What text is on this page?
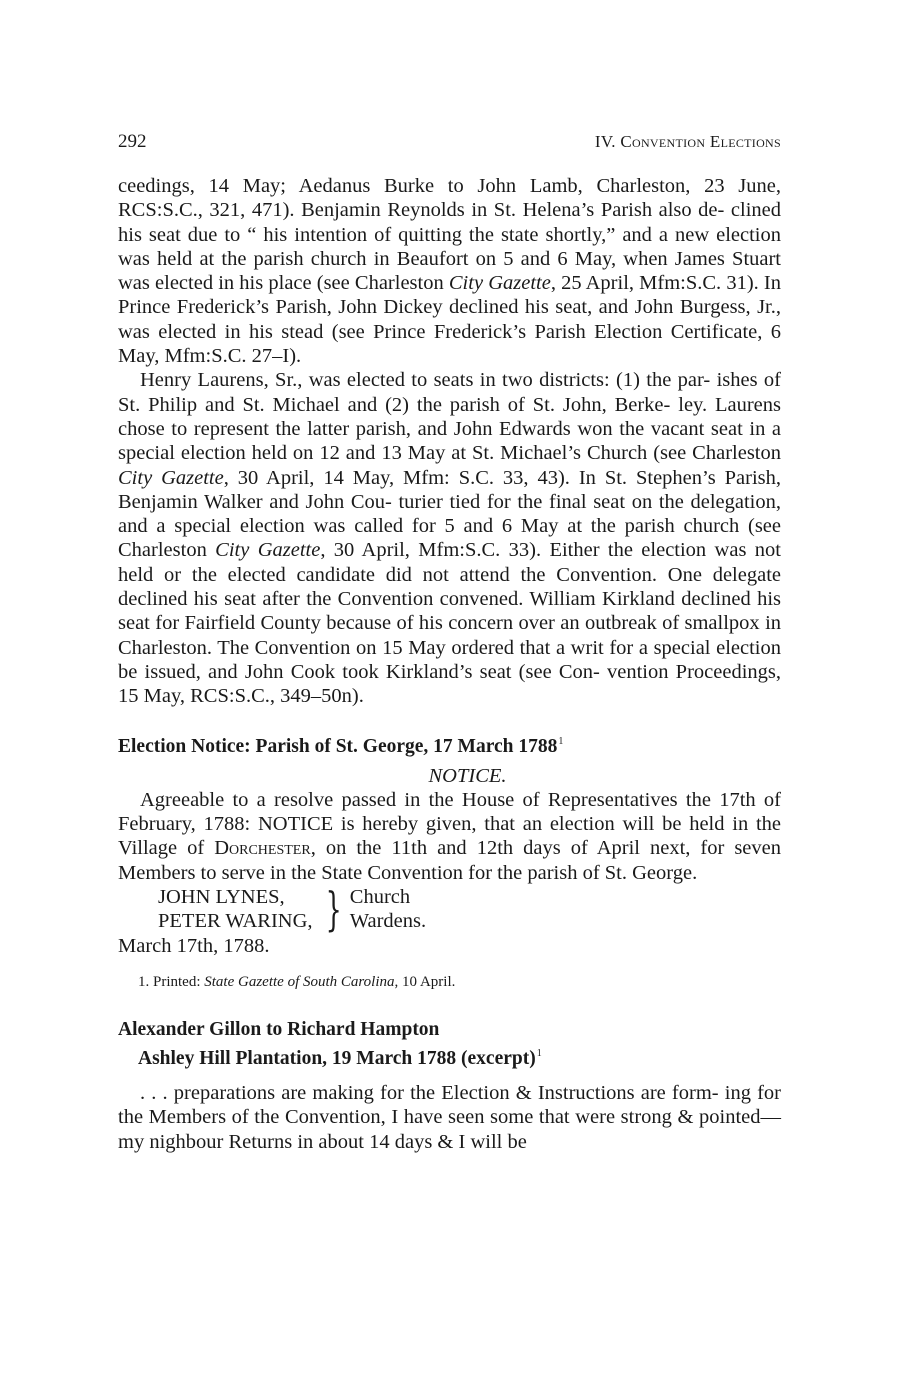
292	IV. Convention Elections

ceedings, 14 May; Aedanus Burke to John Lamb, Charleston, 23 June, RCS:S.C., 321, 471). Benjamin Reynolds in St. Helena’s Parish also de- clined his seat due to “ his intention of quitting the state shortly,” and a new election was held at the parish church in Beaufort on 5 and 6 May, when James Stuart was elected in his place (see Charleston City Gazette, 25 April, Mfm:S.C. 31). In Prince Frederick’s Parish, John Dickey declined his seat, and John Burgess, Jr., was elected in his stead (see Prince Frederick’s Parish Election Certificate, 6 May, Mfm:S.C. 27–I).

Henry Laurens, Sr., was elected to seats in two districts: (1) the par- ishes of St. Philip and St. Michael and (2) the parish of St. John, Berke- ley. Laurens chose to represent the latter parish, and John Edwards won the vacant seat in a special election held on 12 and 13 May at St. Michael’s Church (see Charleston City Gazette, 30 April, 14 May, Mfm: S.C. 33, 43). In St. Stephen’s Parish, Benjamin Walker and John Cou- turier tied for the final seat on the delegation, and a special election was called for 5 and 6 May at the parish church (see Charleston City Gazette, 30 April, Mfm:S.C. 33). Either the election was not held or the elected candidate did not attend the Convention. One delegate declined his seat after the Convention convened. William Kirkland declined his seat for Fairfield County because of his concern over an outbreak of smallpox in Charleston. The Convention on 15 May ordered that a writ for a special election be issued, and John Cook took Kirkland’s seat (see Con- vention Proceedings, 15 May, RCS:S.C., 349–50n).

Election Notice: Parish of St. George, 17 March 1788$^1$
NOTICE.

Agreeable to a resolve passed in the House of Representatives the 17th of February, 1788: NOTICE is hereby given, that an election will be held in the Village of Dorchester, on the 11th and 12th days of April next, for seven Members to serve in the State Convention for the parish of St. George.

JOHN LYNES,
PETER WARING, } Church
Wardens.

March 17th, 1788.

1. Printed: State Gazette of South Carolina, 10 April.
Alexander Gillon to Richard Hampton
Ashley Hill Plantation, 19 March 1788 (excerpt)$^1$

. . . preparations are making for the Election & Instructions are form- ing for the Members of the Convention, I have seen some that were strong & pointed—my nighbour Returns in about 14 days & I will be
